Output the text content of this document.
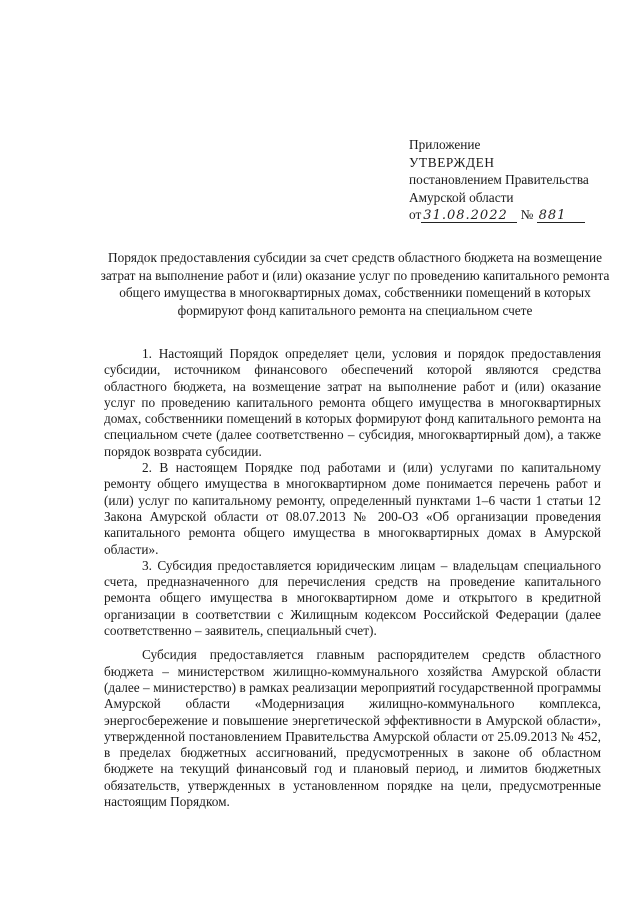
Приложение
УТВЕРЖДЕН
постановлением Правительства
Амурской области
от 31.08.2022 № 881
Порядок предоставления субсидии за счет средств областного бюджета на возмещение затрат на выполнение работ и (или) оказание услуг по проведению капитального ремонта общего имущества в многоквартирных домах, собственники помещений в которых формируют фонд капитального ремонта на специальном счете

1. Настоящий Порядок определяет цели, условия и порядок предоставления субсидии, источником финансового обеспечений которой являются средства областного бюджета, на возмещение затрат на выполнение работ и (или) оказание услуг по проведению капитального ремонта общего имущества в многоквартирных домах, собственники помещений в которых формируют фонд капитального ремонта на специальном счете (далее соответственно – субсидия, многоквартирный дом), а также порядок возврата субсидии.

2. В настоящем Порядке под работами и (или) услугами по капитальному ремонту общего имущества в многоквартирном доме понимается перечень работ и (или) услуг по капитальному ремонту, определенный пунктами 1–6 части 1 статьи 12 Закона Амурской области от 08.07.2013 № 200-ОЗ «Об организации проведения капитального ремонта общего имущества в многоквартирных домах в Амурской области».

3. Субсидия предоставляется юридическим лицам – владельцам специального счета, предназначенного для перечисления средств на проведение капитального ремонта общего имущества в многоквартирном доме и открытого в кредитной организации в соответствии с Жилищным кодексом Российской Федерации (далее соответственно – заявитель, специальный счет).

Субсидия предоставляется главным распорядителем средств областного бюджета – министерством жилищно-коммунального хозяйства Амурской области (далее – министерство) в рамках реализации мероприятий государственной программы Амурской области «Модернизация жилищно-коммунального комплекса, энергосбережение и повышение энергетической эффективности в Амурской области», утвержденной постановлением Правительства Амурской области от 25.09.2013 № 452, в пределах бюджетных ассигнований, предусмотренных в законе об областном бюджете на текущий финансовый год и плановый период, и лимитов бюджетных обязательств, утвержденных в установленном порядке на цели, предусмотренные настоящим Порядком.
